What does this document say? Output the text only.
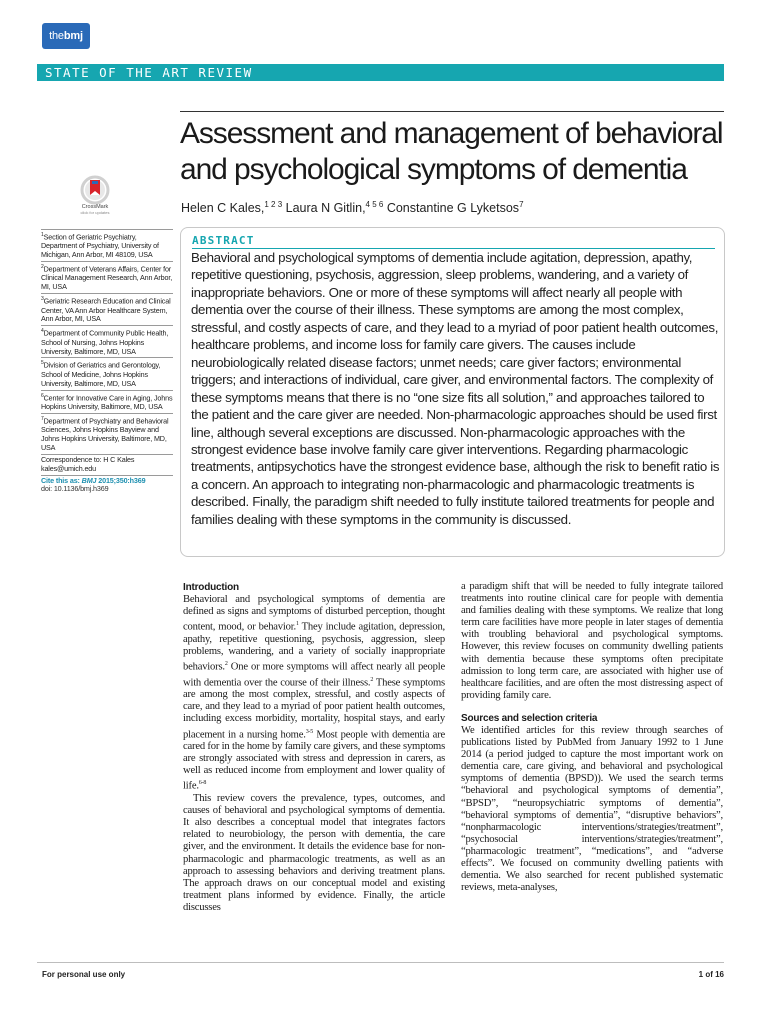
thebmj
STATE OF THE ART REVIEW
Assessment and management of behavioral and psychological symptoms of dementia
Helen C Kales,$^{1 2 3}$ Laura N Gitlin,$^{4 5 6}$ Constantine G Lyketsos$^7$
CrossMark
click for updates
$^1$Section of Geriatric Psychiatry, Department of Psychiatry, University of Michigan, Ann Arbor, MI 48109, USA
$^2$Department of Veterans Affairs, Center for Clinical Management Research, Ann Arbor, MI, USA
$^3$Geriatric Research Education and Clinical Center, VA Ann Arbor Healthcare System, Ann Arbor, MI, USA
$^4$Department of Community Public Health, School of Nursing, Johns Hopkins University, Baltimore, MD, USA
$^5$Division of Geriatrics and Gerontology, School of Medicine, Johns Hopkins University, Baltimore, MD, USA
$^6$Center for Innovative Care in Aging, Johns Hopkins University, Baltimore, MD, USA
$^7$Department of Psychiatry and Behavioral Sciences, Johns Hopkins Bayview and Johns Hopkins University, Baltimore, MD, USA
Correspondence to: H C Kales
kales@umich.edu
Cite this as: BMJ 2015;350:h369
doi: 10.1136/bmj.h369
ABSTRACT
Behavioral and psychological symptoms of dementia include agitation, depression, apathy, repetitive questioning, psychosis, aggression, sleep problems, wandering, and a variety of inappropriate behaviors. One or more of these symptoms will affect nearly all people with dementia over the course of their illness. These symptoms are among the most complex, stressful, and costly aspects of care, and they lead to a myriad of poor patient health outcomes, healthcare problems, and income loss for family care givers. The causes include neurobiologically related disease factors; unmet needs; care giver factors; environmental triggers; and interactions of individual, care giver, and environmental factors. The complexity of these symptoms means that there is no “one size fits all solution,” and approaches tailored to the patient and the care giver are needed. Non-pharmacologic approaches should be used first line, although several exceptions are discussed. Non-pharmacologic approaches with the strongest evidence base involve family care giver interventions. Regarding pharmacologic treatments, antipsychotics have the strongest evidence base, although the risk to benefit ratio is a concern. An approach to integrating non-pharmacologic and pharmacologic treatments is described. Finally, the paradigm shift needed to fully institute tailored treatments for people and families dealing with these symptoms in the community is discussed.
Introduction

Behavioral and psychological symptoms of dementia are defined as signs and symptoms of disturbed perception, thought content, mood, or behavior.$^1$ They include agitation, depression, apathy, repetitive questioning, psychosis, aggression, sleep problems, wandering, and a variety of socially inappropriate behaviors.$^2$ One or more symptoms will affect nearly all people with dementia over the course of their illness.$^2$ These symptoms are among the most complex, stressful, and costly aspects of care, and they lead to a myriad of poor patient health outcomes, including excess morbidity, mortality, hospital stays, and early placement in a nursing home.$^{3-5}$ Most people with dementia are cared for in the home by family care givers, and these symptoms are strongly associated with stress and depression in carers, as well as reduced income from employment and lower quality of life.$^{6-8}$

This review covers the prevalence, types, outcomes, and causes of behavioral and psychological symptoms of dementia. It also describes a conceptual model that integrates factors related to neurobiology, the person with dementia, the care giver, and the environment. It details the evidence base for non-pharmacologic and pharmacologic treatments, as well as an approach to assessing behaviors and deriving treatment plans. The approach draws on our conceptual model and existing treatment plans informed by evidence. Finally, the article discusses

a paradigm shift that will be needed to fully integrate tailored treatments into routine clinical care for people with dementia and families dealing with these symptoms. We realize that long term care facilities have more people in later stages of dementia with troubling behavioral and psychological symptoms. However, this review focuses on community dwelling patients with dementia because these symptoms often precipitate admission to long term care, are associated with higher use of healthcare facilities, and are often the most distressing aspect of providing family care.

Sources and selection criteria

We identified articles for this review through searches of publications listed by PubMed from January 1992 to 1 June 2014 (a period judged to capture the most important work on dementia care, care giving, and behavioral and psychological symptoms of dementia (BPSD)). We used the search terms “behavioral and psychological symptoms of dementia”, “BPSD”, “neuropsychiatric symptoms of dementia”, “behavioral symptoms of dementia”, “disruptive behaviors”, “nonpharmacologic interventions/strategies/treatment”, “psychosocial interventions/strategies/treatment”, “pharmacologic treatment”, “medications”, and “adverse effects”. We focused on community dwelling patients with dementia. We also searched for recent published systematic reviews, meta-analyses,

For personal use only	1 of 16
